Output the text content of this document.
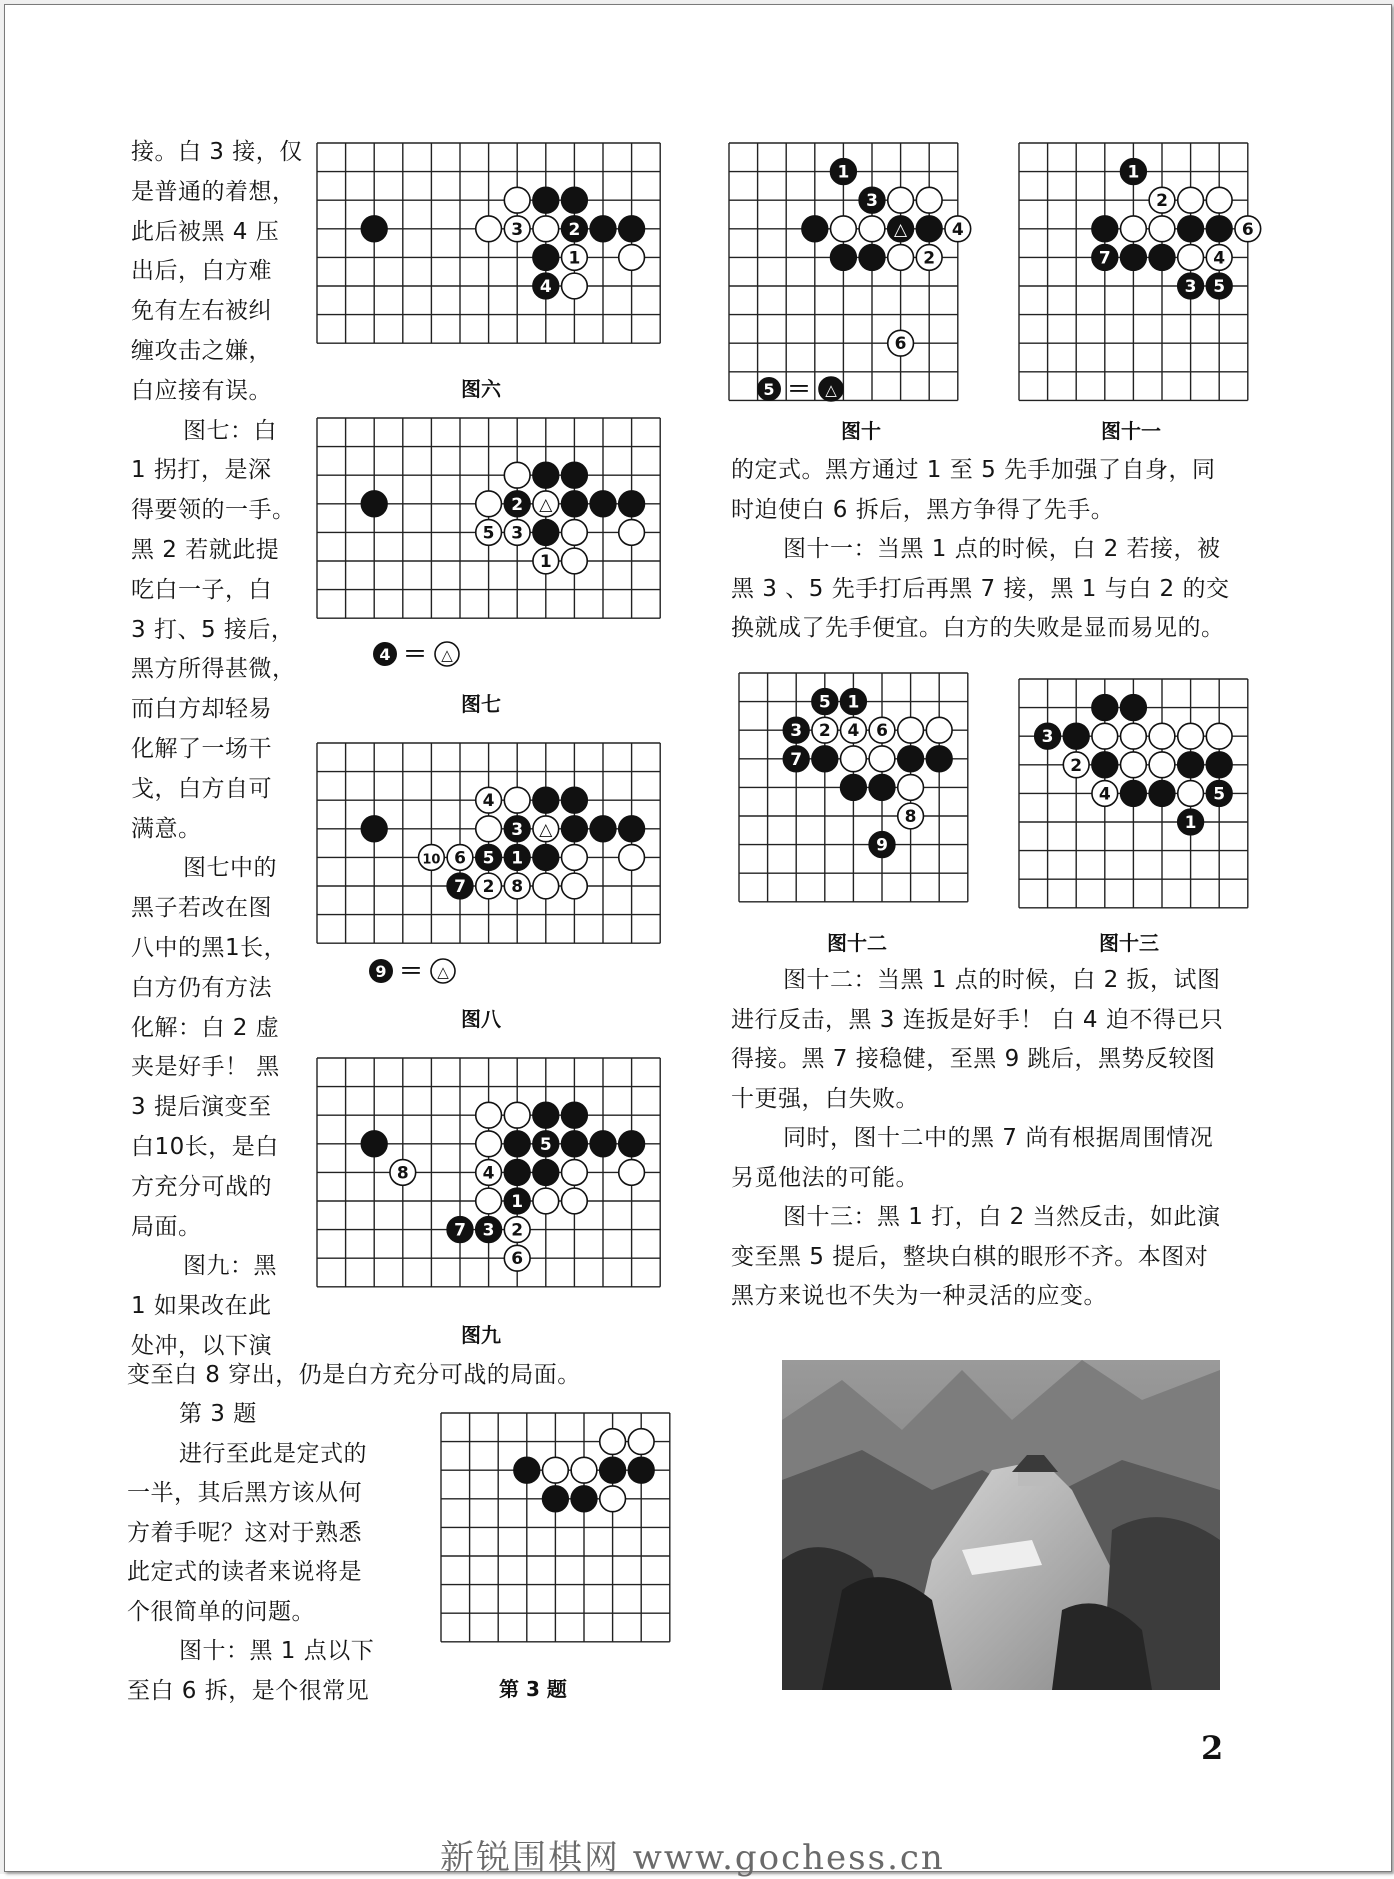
接。白 3 接，仅
是普通的着想，
此后被黑 4 压
出后，白方难
免有左右被纠
缠攻击之嫌，
白应接有误。
图七：白
1 拐打，是深
得要领的一手。
黑 2 若就此提
吃白一子，白
3 打、5 接后，
黑方所得甚微，
而白方却轻易
化解了一场干
戈，白方自可
满意。
图七中的
黑子若改在图
八中的黑1长，
白方仍有方法
化解：白 2 虚
夹是好手！ 黑
3 提后演变至
白10长，是白
方充分可战的
局面。
图九：黑
1 如果改在此
处冲，以下演
变至白 8 穿出，仍是白方充分可战的局面。
第 3 题
进行至此是定式的
一半，其后黑方该从何
方着手呢？这对于熟悉
此定式的读者来说将是
个很简单的问题。
图十：黑 1 点以下
至白 6 拆，是个很常见
的定式。黑方通过 1 至 5 先手加强了自身，同
时迫使白 6 拆后，黑方争得了先手。
图十一：当黑 1 点的时候，白 2 若接，被
黑 3 、5 先手打后再黑 7 接，黑 1 与白 2 的交
换就成了先手便宜。白方的失败是显而易见的。
图十二：当黑 1 点的时候，白 2 扳，试图
进行反击，黑 3 连扳是好手！ 白 4 迫不得已只
得接。黑 7 接稳健，至黑 9 跳后，黑势反较图
十更强，白失败。
同时，图十二中的黑 7 尚有根据周围情况
另觅他法的可能。
图十三：黑 1 打，白 2 当然反击，如此演
变至黑 5 提后，整块白棋的眼形不齐。本图对
黑方来说也不失为一种灵活的应变。
3	2
1
4
2 △
5 3
1
4
3 △
10 6 5 1
7 2 8
5
8	4
1
7 3 2
6
1
3
△	4
2
6
1
2
6
7	4
3 5
5 1
3 2 4 6
7
8
9
3
2
4	5
1
图六
图七
图八
图九
图十	图十一
图十二	图十三
第 3 题
4 ＝ △
9 ＝ △
5 ＝ △
2
新锐围棋网 www.gochess.cn
